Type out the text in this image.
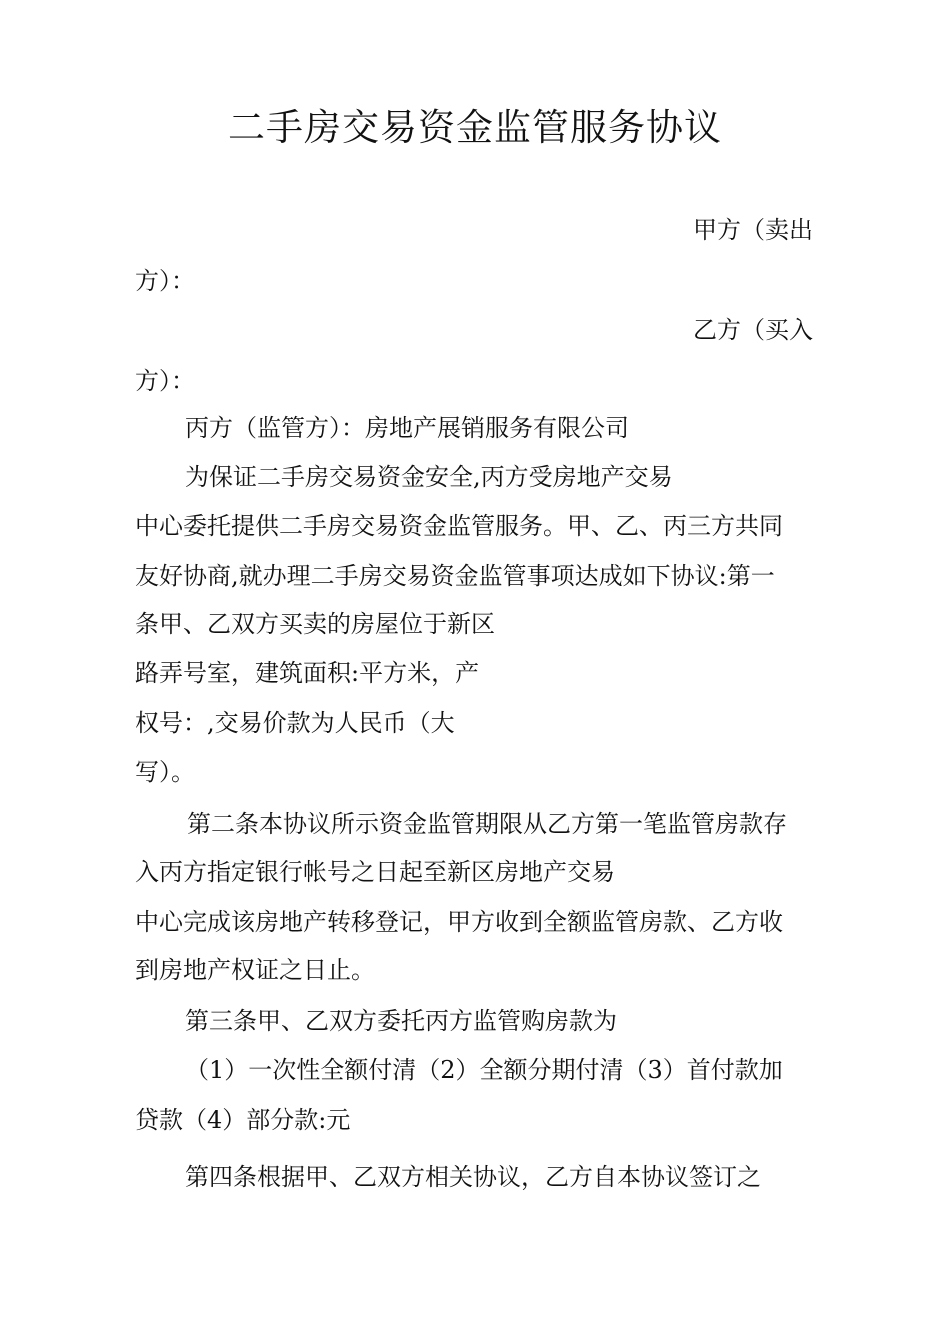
二手房交易资金监管服务协议

甲方（卖出

方）：

乙方（买入

方）：

丙方（监管方）：房地产展销服务有限公司

为保证二手房交易资金安全,丙方受房地产交易

中心委托提供二手房交易资金监管服务。甲、乙、丙三方共同

友好协商,就办理二手房交易资金监管事项达成如下协议:第一

条甲、乙双方买卖的房屋位于新区

路弄号室，建筑面积:平方米，产

权号：,交易价款为人民币（大

写）。

第二条本协议所示资金监管期限从乙方第一笔监管房款存

入丙方指定银行帐号之日起至新区房地产交易

中心完成该房地产转移登记，甲方收到全额监管房款、乙方收

到房地产权证之日止。

第三条甲、乙双方委托丙方监管购房款为

（1）一次性全额付清（2）全额分期付清（3）首付款加

贷款（4）部分款:元

第四条根据甲、乙双方相关协议，乙方自本协议签订之
